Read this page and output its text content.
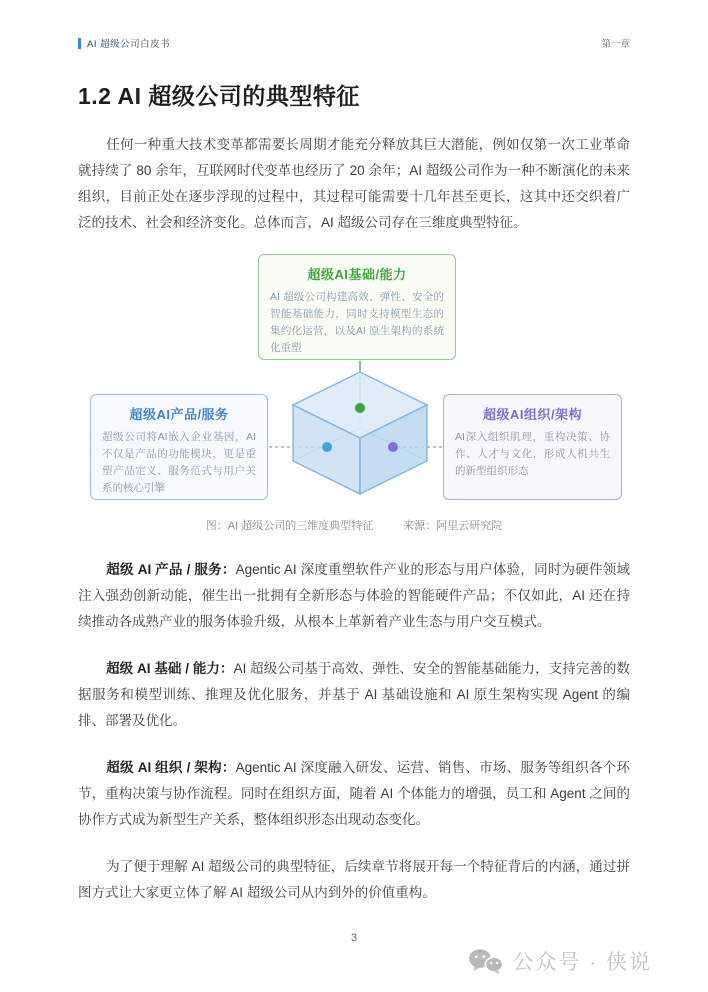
AI 超级公司白皮书	第一章
1.2 AI 超级公司的典型特征

任何一种重大技术变革都需要长周期才能充分释放其巨大潜能，例如仅第一次工业革命就持续了 80 余年，互联网时代变革也经历了 20 余年；AI 超级公司作为一种不断演化的未来组织，目前正处在逐步浮现的过程中，其过程可能需要十几年甚至更长，这其中还交织着广泛的技术、社会和经济变化。总体而言，AI 超级公司存在三维度典型特征。

超级AI基础/能力

AI 超级公司构建高效、弹性、安全的智能基础能力，同时支持模型生态的集约化运营，以及AI 原生架构的系统化重塑

超级AI产品/服务

超级公司将AI嵌入企业基因，AI 不仅是产品的功能模块，更是重塑产品定义、服务范式与用户关系的核心引擎

超级AI组织/架构

AI深入组织肌理，重构决策、协作、人才与文化，形成人机共生的新型组织形态

图：AI 超级公司的三维度典型特征	来源：阿里云研究院

超级 AI 产品 / 服务：Agentic AI 深度重塑软件产业的形态与用户体验，同时为硬件领域注入强劲创新动能，催生出一批拥有全新形态与体验的智能硬件产品；不仅如此，AI 还在持续推动各成熟产业的服务体验升级，从根本上革新着产业生态与用户交互模式。

超级 AI 基础 / 能力：AI 超级公司基于高效、弹性、安全的智能基础能力，支持完善的数据服务和模型训练、推理及优化服务，并基于 AI 基础设施和 AI 原生架构实现 Agent 的编排、部署及优化。

超级 AI 组织 / 架构：Agentic AI 深度融入研发、运营、销售、市场、服务等组织各个环节，重构决策与协作流程。同时在组织方面，随着 AI 个体能力的增强，员工和 Agent 之间的协作方式成为新型生产关系，整体组织形态出现动态变化。

为了便于理解 AI 超级公司的典型特征，后续章节将展开每一个特征背后的内涵，通过拼图方式让大家更立体了解 AI 超级公司从内到外的价值重构。

3
公众号 · 侠说
